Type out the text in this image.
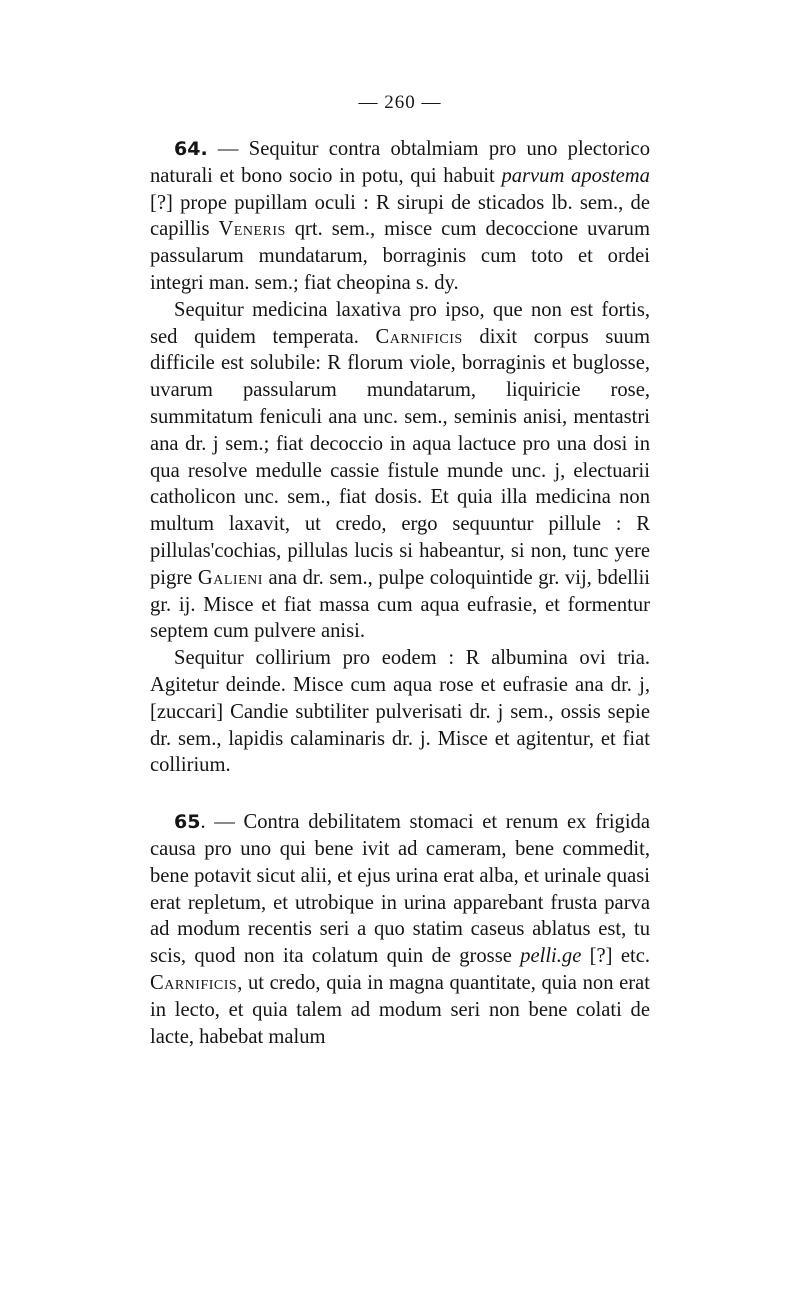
— 260 —

64. — Sequitur contra obtalmiam pro uno plectorico naturali et bono socio in potu, qui habuit parvum apostema [?] prope pupillam oculi : R sirupi de sticados lb. sem., de capillis Veneris qrt. sem., misce cum decoccione uvarum passularum mundatarum, borraginis cum toto et ordei integri man. sem.; fiat cheopina s. dy.

Sequitur medicina laxativa pro ipso, que non est fortis, sed quidem temperata. Carnificis dixit corpus suum difficile est solubile: R florum viole, borraginis et buglosse, uvarum passularum mundatarum, liquiricie rose, summitatum feniculi ana unc. sem., seminis anisi, mentastri ana dr. j sem.; fiat decoccio in aqua lactuce pro una dosi in qua resolve medulle cassie fistule munde unc. j, electuarii catholicon unc. sem., fiat dosis. Et quia illa medicina non multum laxavit, ut credo, ergo sequuntur pillule : R pillulas'cochias, pillulas lucis si habeantur, si non, tunc yere pigre Galieni ana dr. sem., pulpe coloquintide gr. vij, bdellii gr. ij. Misce et fiat massa cum aqua eufrasie, et formentur septem cum pulvere anisi.

Sequitur collirium pro eodem : R albumina ovi tria. Agitetur deinde. Misce cum aqua rose et eufrasie ana dr. j, [zuccari] Candie subtiliter pulverisati dr. j sem., ossis sepie dr. sem., lapidis calaminaris dr. j. Misce et agitentur, et fiat collirium.

65. — Contra debilitatem stomaci et renum ex frigida causa pro uno qui bene ivit ad cameram, bene commedit, bene potavit sicut alii, et ejus urina erat alba, et urinale quasi erat repletum, et utrobique in urina apparebant frusta parva ad modum recentis seri a quo statim caseus ablatus est, tu scis, quod non ita colatum quin de grosse pelli.ge [?] etc. Carnificis, ut credo, quia in magna quantitate, quia non erat in lecto, et quia talem ad modum seri non bene colati de lacte, habebat malum
